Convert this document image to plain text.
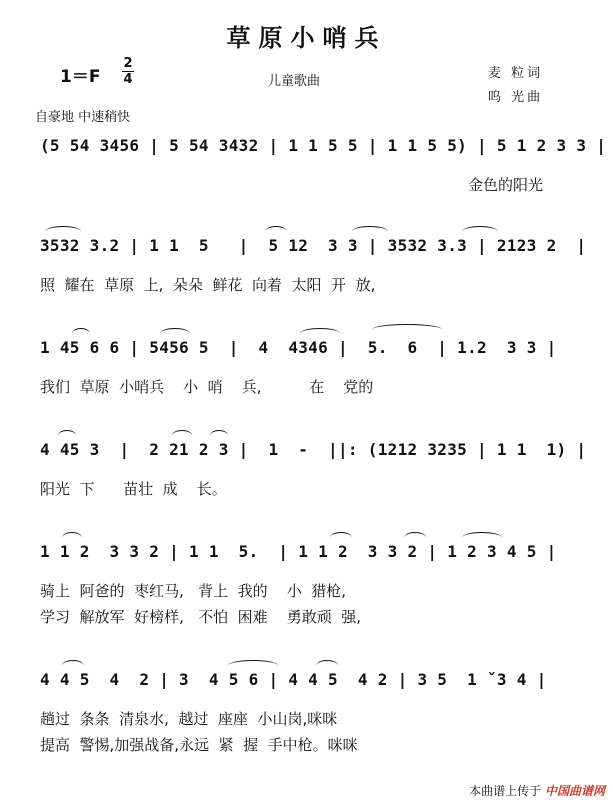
草原小哨兵
$1=F \frac{2}{4}$	儿童歌曲
麦 粒词
呜 光曲
自豪地 中速稍快
(5 54 3456 | 5 54 3432 | 1 1 5 5 | 1 1 5 5) | 5 1 2 3 3 |
金色的阳光
3532 3.2 | 1 1  5   |  5 12  3 3 | 3532 3.3 | 2123 2  |
照  耀在  草原  上,  朵朵  鲜花  向着  太阳  开  放,
1 45 6 6 | 5456 5  |  4  4346 |  5.  6  | 1.2  3 3 |
我们  草原  小哨兵    小  哨    兵,          在    党的
4 45 3  |  2 21 2 3 |  1  -  ||: (1212 3235 | 1 1  1) |
阳光  下      苗壮  成    长。
1 1 2  3 3 2 | 1 1  5.  | 1 1 2  3 3 2 | 1 2 3 4 5 |
骑上  阿爸的  枣红马,   背上  我的    小  猎枪,
学习  解放军  好榜样,   不怕  困难    勇敢顽  强,
4 4 5  4  2 | 3  4 5 6 | 4 4 5  4 2 | 3 5  1 ˇ3 4 |
趟过  条条  清泉水,  越过  座座  小山岗,咪咪
提高  警惕,加强战备,永远  紧  握  手中枪。咪咪
本曲谱上传于 中国曲谱网
